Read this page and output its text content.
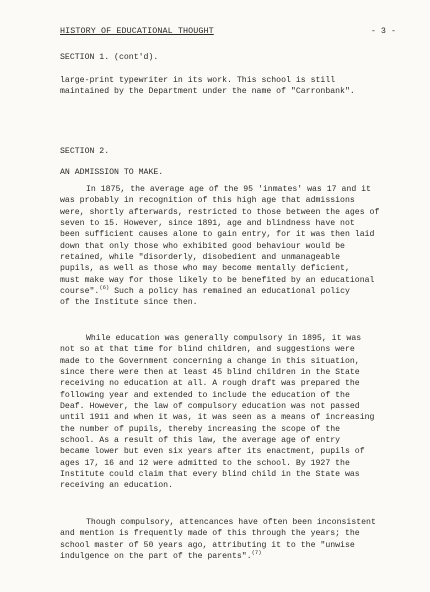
HISTORY OF EDUCATIONAL THOUGHT	- 3 -
SECTION 1. (cont'd).
large-print typewriter in its work. This school is still
maintained by the Department under the name of "Carronbank".
SECTION 2.
AN ADMISSION TO MAKE.
In 1875, the average age of the 95 'inmates' was 17 and it
was probably in recognition of this high age that admissions
were, shortly afterwards, restricted to those between the ages of
seven to 15. However, since 1891, age and blindness have not
been sufficient causes alone to gain entry, for it was then laid
down that only those who exhibited good behaviour would be
retained, while "disorderly, disobedient and unmanageable
pupils, as well as those who may become mentally deficient,
must make way for those likely to be benefited by an educational
course".$^{(6)}$ Such a policy has remained an educational policy
of the Institute since then.
While education was generally compulsory in 1895, it was
not so at that time for blind children, and suggestions were
made to the Government concerning a change in this situation,
since there were then at least 45 blind children in the State
receiving no education at all. A rough draft was prepared the
following year and extended to include the education of the
Deaf. However, the law of compulsory education was not passed
until 1911 and when it was, it was seen as a means of increasing
the number of pupils, thereby increasing the scope of the
school. As a result of this law, the average age of entry
became lower but even six years after its enactment, pupils of
ages 17, 16 and 12 were admitted to the school. By 1927 the
Institute could claim that every blind child in the State was
receiving an education.
Though compulsory, attencances have often been inconsistent
and mention is frequently made of this through the years; the
school master of 50 years ago, attributing it to the "unwise
indulgence on the part of the parents".$^{(7)}$
